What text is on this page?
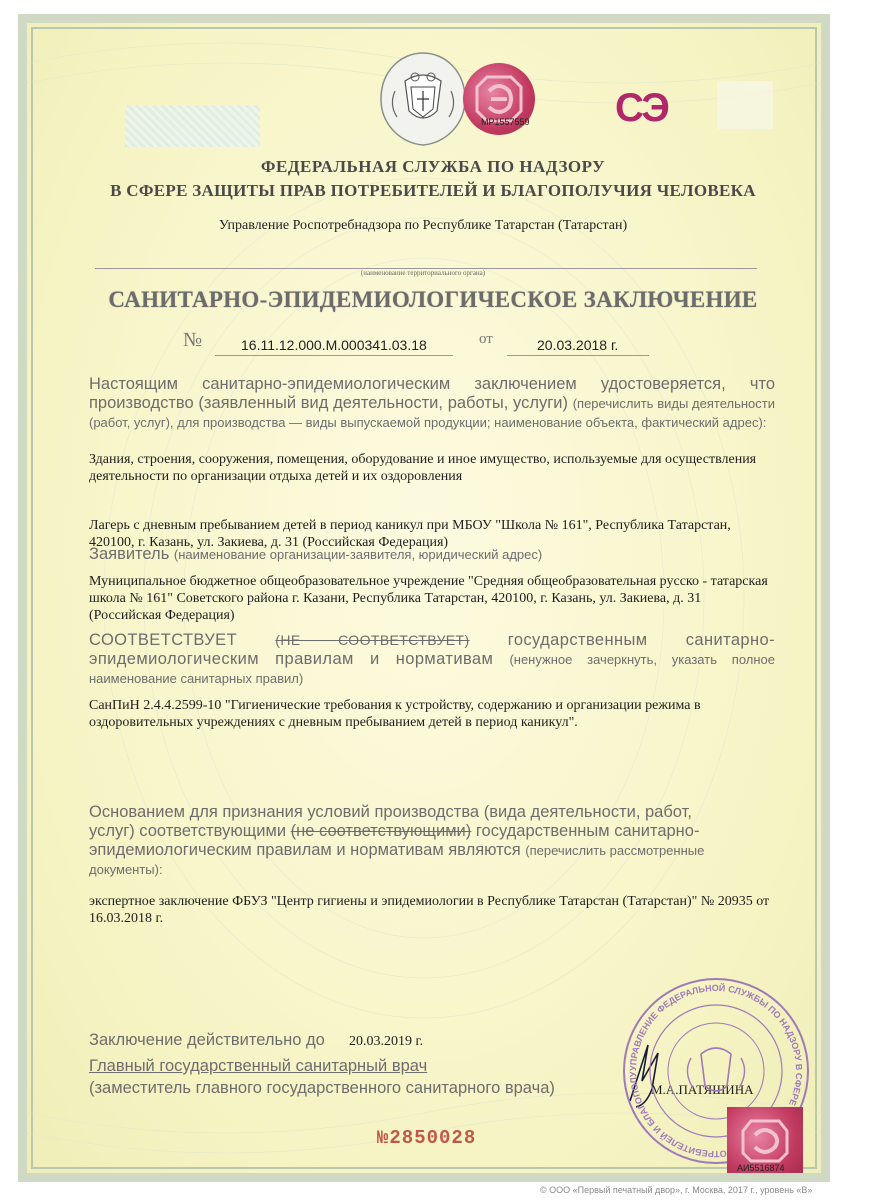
МР1557559 СЭ
ФЕДЕРАЛЬНАЯ СЛУЖБА ПО НАДЗОРУ
В СФЕРЕ ЗАЩИТЫ ПРАВ ПОТРЕБИТЕЛЕЙ И БЛАГОПОЛУЧИЯ ЧЕЛОВЕКА
Управление Роспотребнадзора по Республике Татарстан (Татарстан)
(наименование территориального органа)
САНИТАРНО-ЭПИДЕМИОЛОГИЧЕСКОЕ ЗАКЛЮЧЕНИЕ
№	16.11.12.000.М.000341.03.18	от	20.03.2018 г.
Настоящим санитарно-эпидемиологическим заключением удостоверяется, что производство (заявленный вид деятельности, работы, услуги) (перечислить виды деятельности (работ, услуг), для производства — виды выпускаемой продукции; наименование объекта, фактический адрес):
Здания, строения, сооружения, помещения, оборудование и иное имущество, используемые для осуществления деятельности по организации отдыха детей и их оздоровления
Лагерь с дневным пребыванием детей в период каникул при МБОУ "Школа № 161", Республика Татарстан, 420100, г. Казань, ул. Закиева, д. 31 (Российская Федерация)
Заявитель (наименование организации-заявителя, юридический адрес)
Муниципальное бюджетное общеобразовательное учреждение "Средняя общеобразовательная русско - татарская школа № 161" Советского района г. Казани, Республика Татарстан, 420100, г. Казань, ул. Закиева, д. 31 (Российская Федерация)
СООТВЕТСТВУЕТ	(НЕ СООТВЕТСТВУЕТ) государственным санитарно- эпидемиологическим правилам и нормативам (ненужное зачеркнуть, указать полное наименование санитарных правил)
СанПиН 2.4.4.2599-10 "Гигиенические требования к устройству, содержанию и организации режима в оздоровительных учреждениях с дневным пребыванием детей в период каникул".
Основанием для признания условий производства (вида деятельности, работ,
услуг) соответствующими (не соответствующими) государственным санитарно-
эпидемиологическим правилам и нормативам являются (перечислить рассмотренные
документы):
экспертное заключение ФБУЗ "Центр гигиены и эпидемиологии в Республике Татарстан (Татарстан)" № 20935 от 16.03.2018 г.
Заключение действительно до 20.03.2019 г.
Главный государственный санитарный врач
(заместитель главного государственного санитарного врача)	М.А.ПАТЯШИНА
УПРАВЛЕНИЕ ФЕДЕРАЛЬНОЙ СЛУЖБЫ ПО НАДЗОРУ В СФЕРЕ ОТРЕБИТЕЛЕЙ И БЛАГОПОЛУ
АИ5516874
№2850028
© ООО «Первый печатный двор», г. Москва, 2017 г., уровень «В»
